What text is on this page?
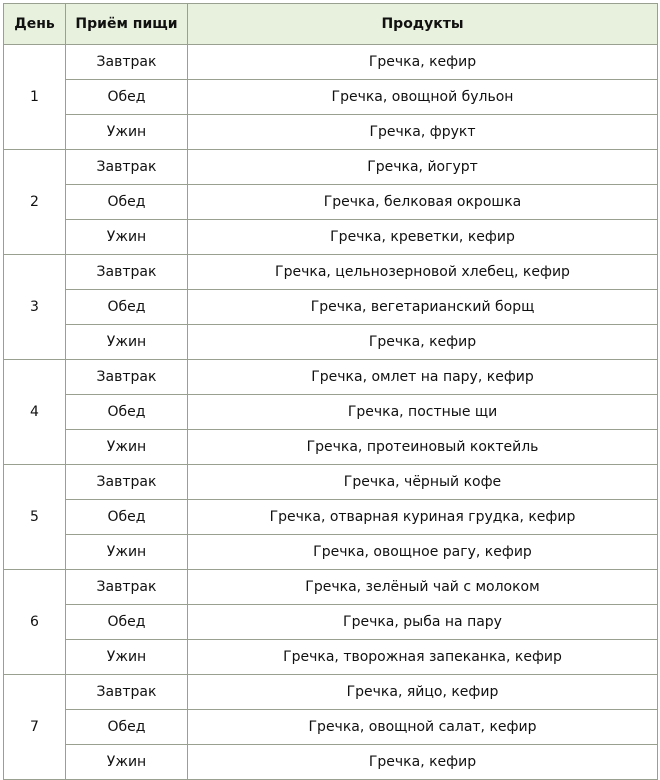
День	Приём пищи	Продукты
1	Завтрак	Гречка, кефир
	Обед	Гречка, овощной бульон
	Ужин	Гречка, фрукт
2	Завтрак	Гречка, йогурт
	Обед	Гречка, белковая окрошка
	Ужин	Гречка, креветки, кефир
3	Завтрак	Гречка, цельнозерновой хлебец, кефир
	Обед	Гречка, вегетарианский борщ
	Ужин	Гречка, кефир
4	Завтрак	Гречка, омлет на пару, кефир
	Обед	Гречка, постные щи
	Ужин	Гречка, протеиновый коктейль
5	Завтрак	Гречка, чёрный кофе
	Обед	Гречка, отварная куриная грудка, кефир
	Ужин	Гречка, овощное рагу, кефир
6	Завтрак	Гречка, зелёный чай с молоком
	Обед	Гречка, рыба на пару
	Ужин	Гречка, творожная запеканка, кефир
7	Завтрак	Гречка, яйцо, кефир
	Обед	Гречка, овощной салат, кефир
	Ужин	Гречка, кефир
